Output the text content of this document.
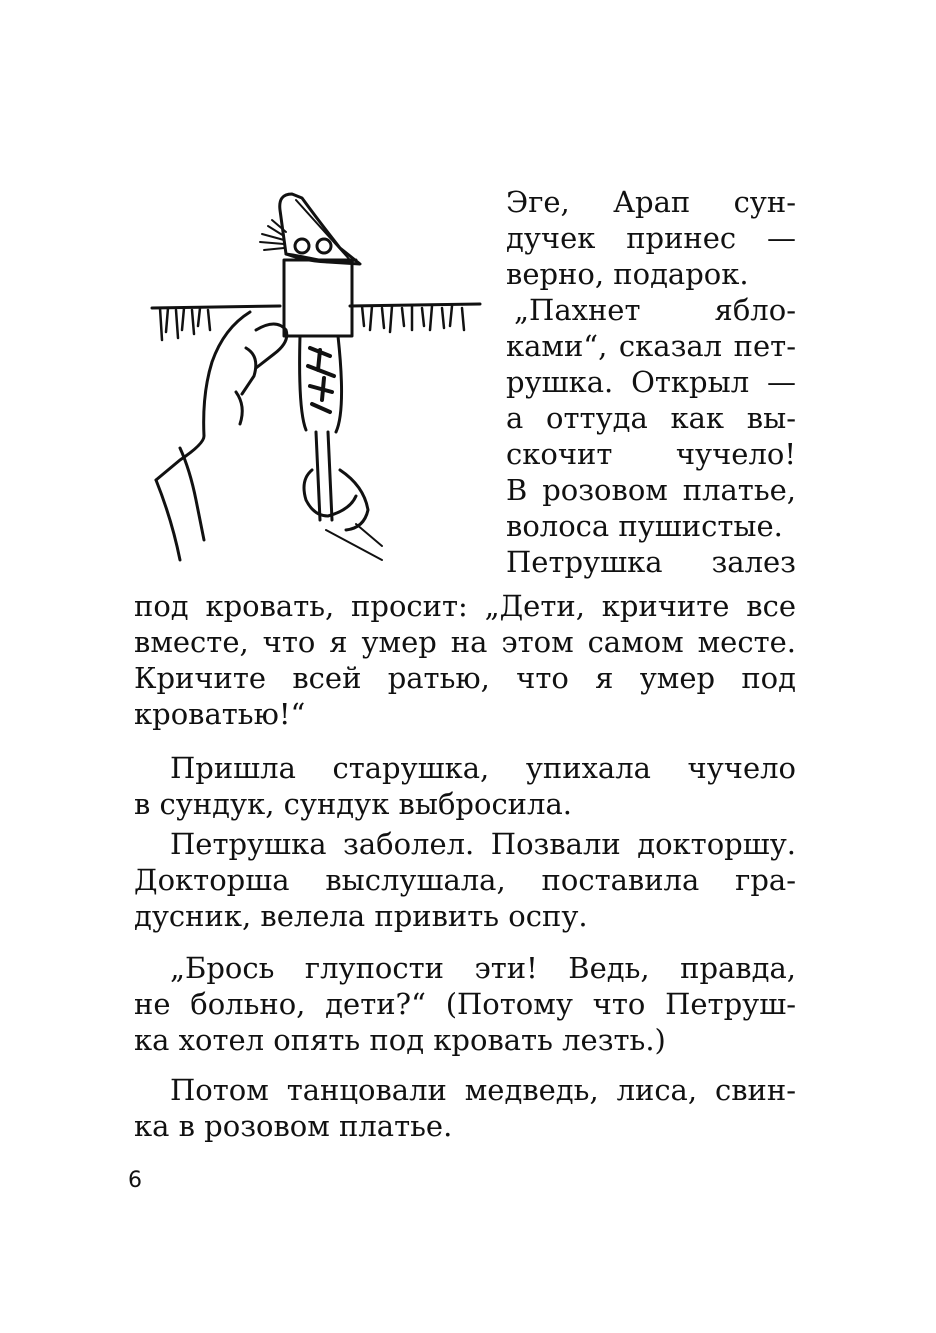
Эге, Арап сун-
дучек принес —
верно, подарок.
„Пахнет ябло-
ками“, сказал пет-
рушка. Открыл —
а оттуда как вы-
скочит чучело!
В розовом платье,
волоса пушистые.
Петрушка залез
под кровать, просит: „Дети, кричите все
вместе, что я умер на этом самом месте.
Кричите всей ратью, что я умер под
кроватью!“
Пришла старушка, упихала чучело
в сундук, сундук выбросила.
Петрушка заболел. Позвали докторшу.
Докторша выслушала, поставила гра-
дусник, велела привить оспу.
„Брось глупости эти! Ведь, правда,
не больно, дети?“ (Потому что Петруш-
ка хотел опять под кровать лезть.)
Потом танцовали медведь, лиса, свин-
ка в розовом платье.
6
